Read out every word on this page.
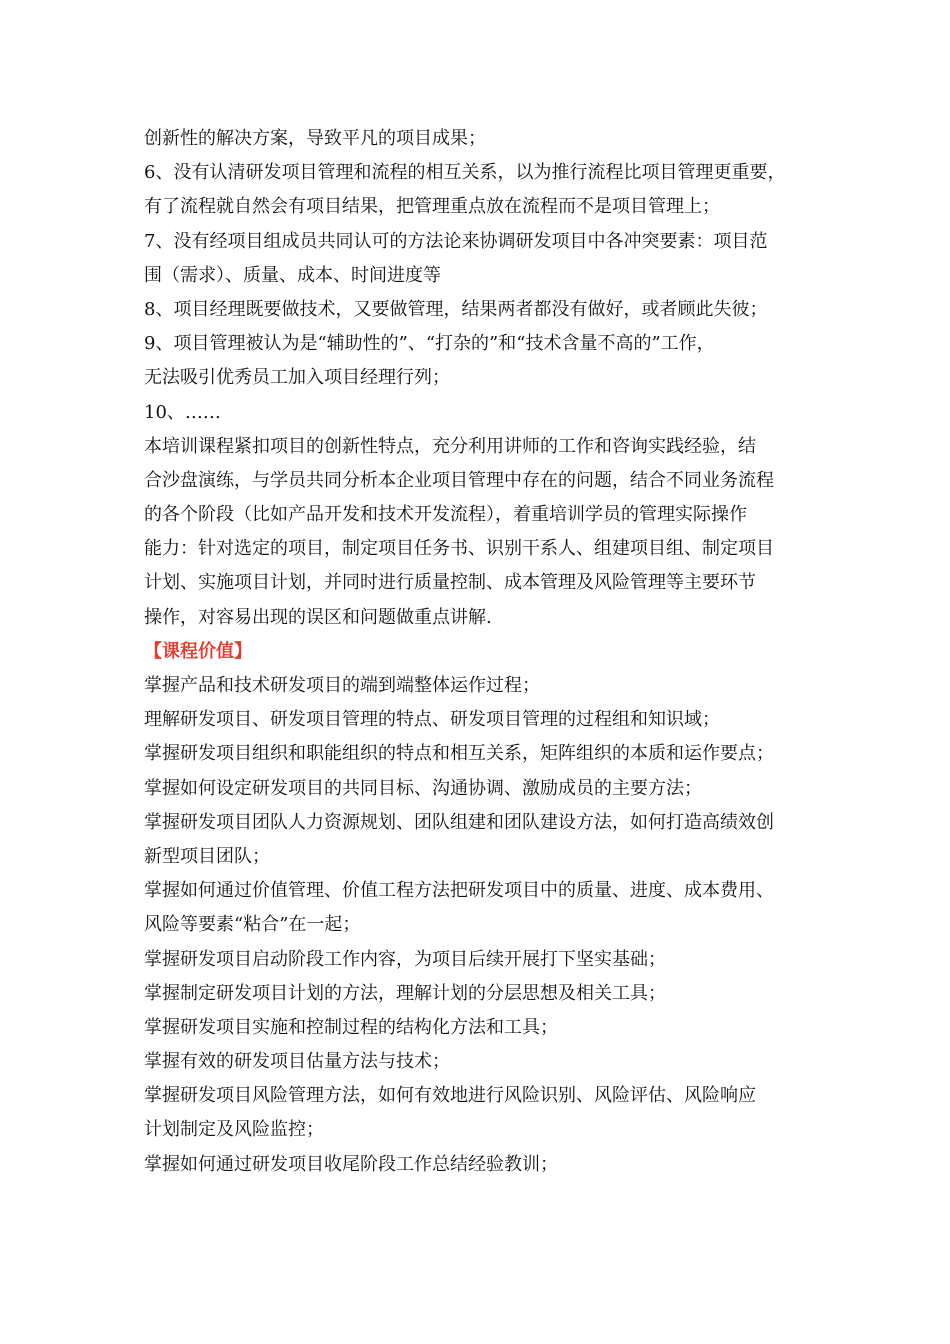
创新性的解决方案，导致平凡的项目成果；
6、没有认清研发项目管理和流程的相互关系，以为推行流程比项目管理更重要，
有了流程就自然会有项目结果，把管理重点放在流程而不是项目管理上；
7、没有经项目组成员共同认可的方法论来协调研发项目中各冲突要素：项目范
围（需求）、质量、成本、时间进度等
8、项目经理既要做技术，又要做管理，结果两者都没有做好，或者顾此失彼；
9、项目管理被认为是“辅助性的”、“打杂的”和“技术含量不高的”工作，
无法吸引优秀员工加入项目经理行列；
10、……
本培训课程紧扣项目的创新性特点，充分利用讲师的工作和咨询实践经验，结
合沙盘演练，与学员共同分析本企业项目管理中存在的问题，结合不同业务流程
的各个阶段（比如产品开发和技术开发流程），着重培训学员的管理实际操作
能力：针对选定的项目，制定项目任务书、识别干系人、组建项目组、制定项目
计划、实施项目计划，并同时进行质量控制、成本管理及风险管理等主要环节
操作，对容易出现的误区和问题做重点讲解.
【课程价值】
掌握产品和技术研发项目的端到端整体运作过程；
理解研发项目、研发项目管理的特点、研发项目管理的过程组和知识域；
掌握研发项目组织和职能组织的特点和相互关系，矩阵组织的本质和运作要点；
掌握如何设定研发项目的共同目标、沟通协调、激励成员的主要方法；
掌握研发项目团队人力资源规划、团队组建和团队建设方法，如何打造高绩效创
新型项目团队；
掌握如何通过价值管理、价值工程方法把研发项目中的质量、进度、成本费用、
风险等要素“粘合”在一起；
掌握研发项目启动阶段工作内容，为项目后续开展打下坚实基础；
掌握制定研发项目计划的方法，理解计划的分层思想及相关工具；
掌握研发项目实施和控制过程的结构化方法和工具；
掌握有效的研发项目估量方法与技术；
掌握研发项目风险管理方法，如何有效地进行风险识别、风险评估、风险响应
计划制定及风险监控；
掌握如何通过研发项目收尾阶段工作总结经验教训；
